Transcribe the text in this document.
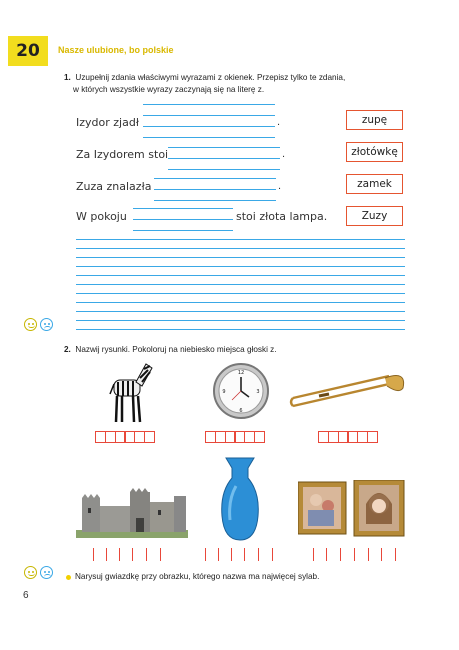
20	Nasze ulubione, bo polskie
1. Uzupełnij zdania właściwymi wyrazami z okienek. Przepisz tylko te zdania,
w których wszystkie wyrazy zaczynają się na literę z.
Izydor zjadł	.
Za Izydorem stoi	.
Zuza znalazła	.
W pokoju	stoi złota lampa.
zupę
złotówkę
zamek
Zuzy
2. Nazwij rysunki. Pokoloruj na niebiesko miejsca głoski z.
12
3
6
9
Narysuj gwiazdkę przy obrazku, którego nazwa ma najwięcej sylab.
6
